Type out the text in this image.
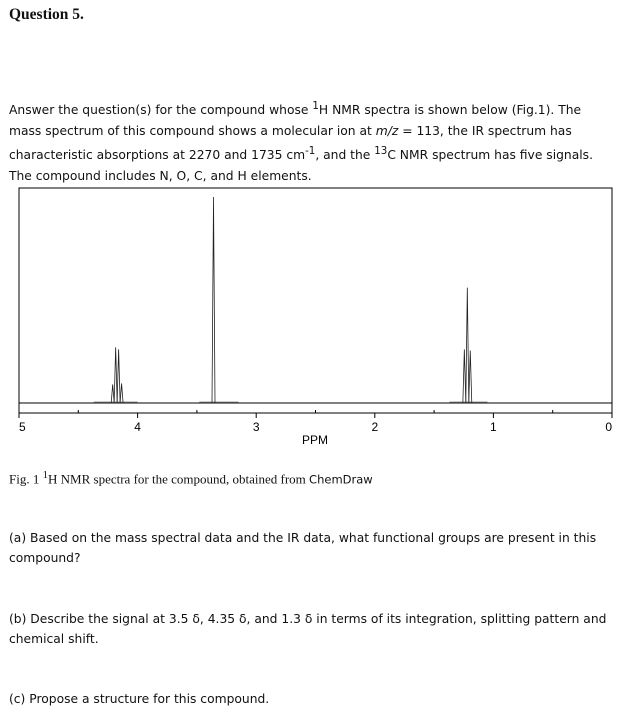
Question 5.
Answer the question(s) for the compound whose $^1$H NMR spectra is shown below (Fig.1). The mass spectrum of this compound shows a molecular ion at m/z = 113, the IR spectrum has characteristic absorptions at 2270 and 1735 $cm^{-1}$, and the $^{13}$C NMR spectrum has five signals. The compound includes N, O, C, and H elements.
5	4	3	2	1	0
PPM
Fig. 1 $^1$H NMR spectra for the compound, obtained from ChemDraw
(a) Based on the mass spectral data and the IR data, what functional groups are present in this compound?
(b) Describe the signal at 3.5 δ, 4.35 δ, and 1.3 δ in terms of its integration, splitting pattern and chemical shift.
(c) Propose a structure for this compound.
